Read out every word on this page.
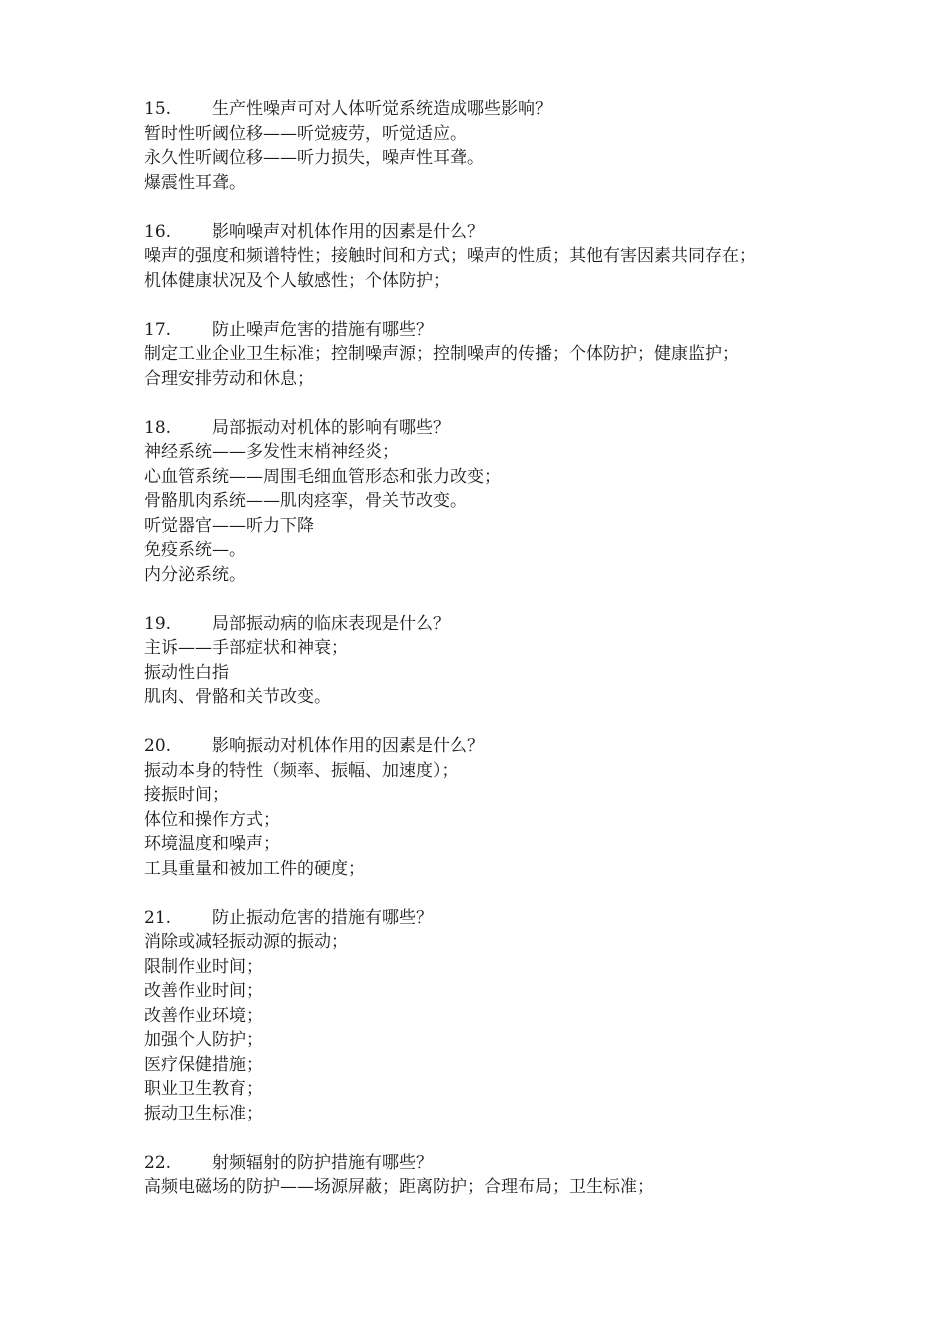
15. 生产性噪声可对人体听觉系统造成哪些影响？
暂时性听阈位移——听觉疲劳，听觉适应。
永久性听阈位移——听力损失，噪声性耳聋。
爆震性耳聋。
16. 影响噪声对机体作用的因素是什么？
噪声的强度和频谱特性；接触时间和方式；噪声的性质；其他有害因素共同存在；
机体健康状况及个人敏感性；个体防护；
17. 防止噪声危害的措施有哪些？
制定工业企业卫生标准；控制噪声源；控制噪声的传播；个体防护；健康监护；
合理安排劳动和休息；
18. 局部振动对机体的影响有哪些？
神经系统——多发性末梢神经炎；
心血管系统——周围毛细血管形态和张力改变；
骨骼肌肉系统——肌肉痉挛，骨关节改变。
听觉器官——听力下降
免疫系统—。
内分泌系统。
19. 局部振动病的临床表现是什么？
主诉——手部症状和神衰；
振动性白指
肌肉、骨骼和关节改变。
20. 影响振动对机体作用的因素是什么？
振动本身的特性（频率、振幅、加速度）；
接振时间；
体位和操作方式；
环境温度和噪声；
工具重量和被加工件的硬度；
21. 防止振动危害的措施有哪些？
消除或减轻振动源的振动；
限制作业时间；
改善作业时间；
改善作业环境；
加强个人防护；
医疗保健措施；
职业卫生教育；
振动卫生标准；
22. 射频辐射的防护措施有哪些？
高频电磁场的防护——场源屏蔽；距离防护；合理布局；卫生标准；
